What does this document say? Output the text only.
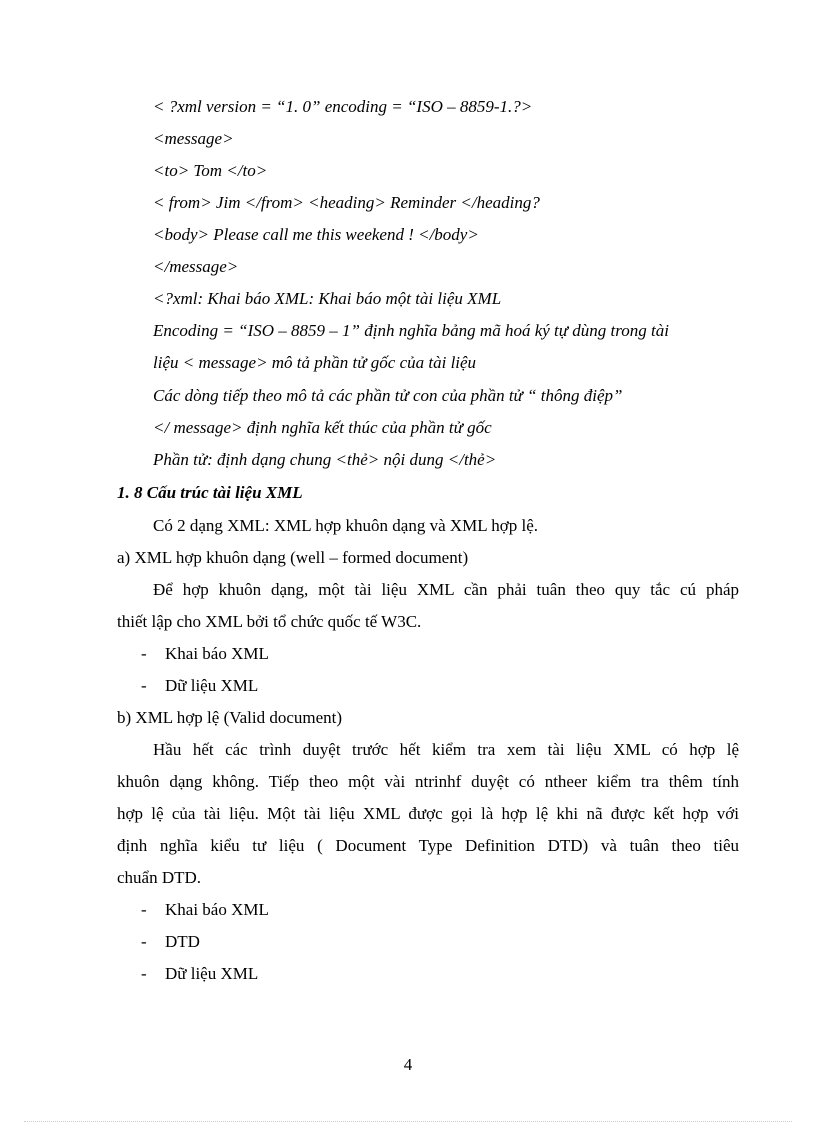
< ?xml version = “1. 0” encoding = “ISO – 8859-1.?>
<message>
<to> Tom </to>
< from> Jim </from> <heading> Reminder </heading?
<body> Please call me this weekend ! </body>
</message>
<?xml: Khai báo XML: Khai báo một tài liệu XML
Encoding = “ISO – 8859 – 1” định nghĩa bảng mã hoá ký tự dùng trong tài
liệu < message> mô tả phần tử gốc của tài liệu
Các dòng tiếp theo mô tả các phần tử con của phần tử “ thông điệp”
</ message> định nghĩa kết thúc của phần tử gốc
Phần tử: định dạng chung <thẻ> nội dung </thẻ>
1. 8 Cấu trúc tài liệu XML
Có 2 dạng XML: XML hợp khuôn dạng và XML hợp lệ.
a) XML hợp khuôn dạng (well – formed document)
Để hợp khuôn dạng, một tài liệu XML cần phải tuân theo quy tắc cú pháp
thiết lập cho XML bởi tổ chức quốc tế W3C.
- Khai báo XML
- Dữ liệu XML
b) XML hợp lệ (Valid document)
Hầu hết các trình duyệt trước hết kiểm tra xem tài liệu XML có hợp lệ
khuôn dạng không. Tiếp theo một vài ntrinhf duyệt có ntheer kiểm tra thêm tính
hợp lệ của tài liệu. Một tài liệu XML được gọi là hợp lệ khi nã được kết hợp với
định nghĩa kiểu tư liệu ( Document Type Definition DTD) và tuân theo tiêu
chuẩn DTD.
- Khai báo XML
- DTD
- Dữ liệu XML
4
